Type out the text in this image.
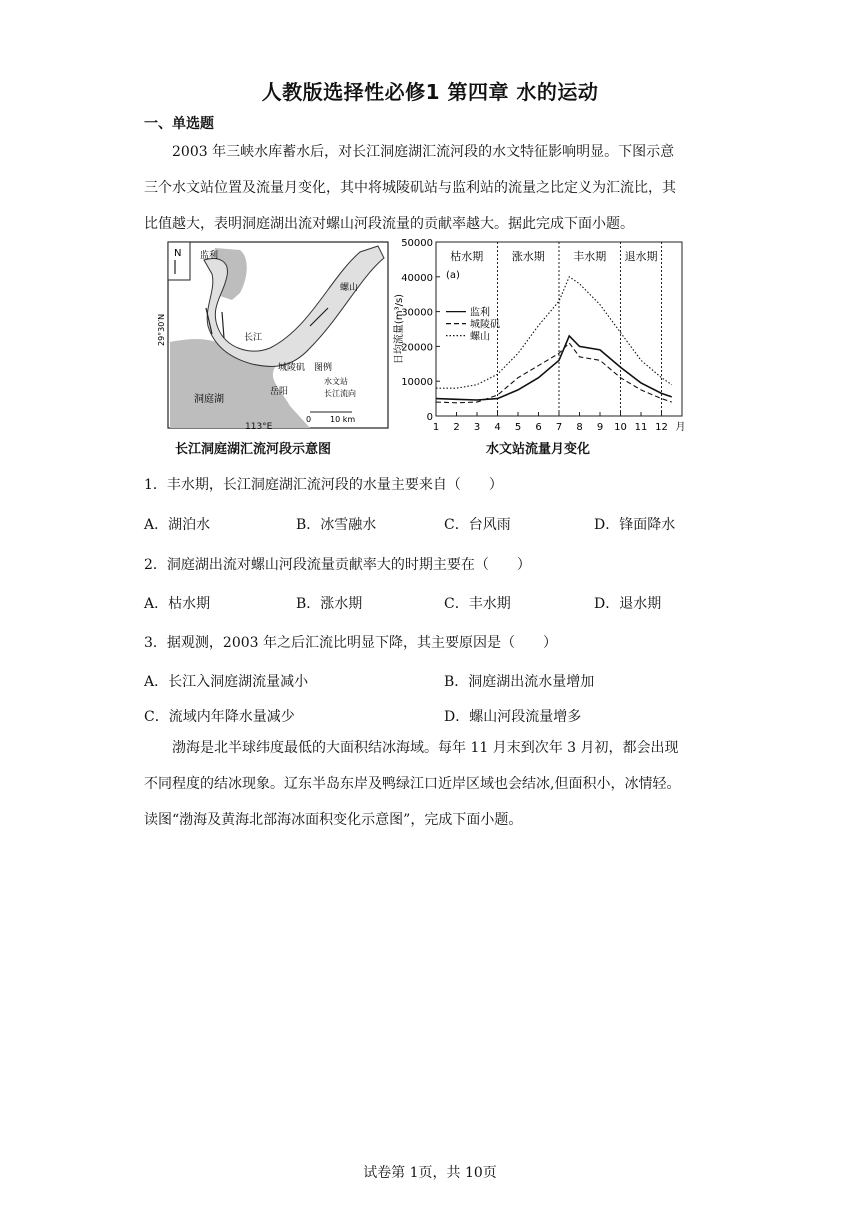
人教版选择性必修1 第四章 水的运动
一、单选题
2003 年三峡水库蓄水后，对长江洞庭湖汇流河段的水文特征影响明显。下图示意
三个水文站位置及流量月变化，其中将城陵矶站与监利站的流量之比定义为汇流比，其
比值越大，表明洞庭湖出流对螺山河段流量的贡献率越大。据此完成下面小题。
N 监利
螺山
城陵矶
长江
洞庭湖
岳阳
图例
水文站
长江流向
0 10 km
29°30′N
113°E
长江洞庭湖汇流河段示意图
0
10000
20000
30000
40000
50000
1 2 3 4 5 6 7 8 9 10 11 12 月
日均流量(m³/s)
枯水期	涨水期	丰水期 退水期
(a)
监利
城陵矶
螺山
水文站流量月变化
1．丰水期，长江洞庭湖汇流河段的水量主要来自（　　）
A．湖泊水	B．冰雪融水	C．台风雨	D．锋面降水
2．洞庭湖出流对螺山河段流量贡献率大的时期主要在（　　）
A．枯水期	B．涨水期	C．丰水期	D．退水期
3．据观测，2003 年之后汇流比明显下降，其主要原因是（　　）
A．长江入洞庭湖流量减小	B．洞庭湖出流水量增加
C．流域内年降水量减少	D．螺山河段流量增多
渤海是北半球纬度最低的大面积结冰海域。每年 11 月末到次年 3 月初，都会出现
不同程度的结冰现象。辽东半岛东岸及鸭绿江口近岸区域也会结冰,但面积小，冰情轻。
读图“渤海及黄海北部海冰面积变化示意图”，完成下面小题。
试卷第 1页，共 10页
